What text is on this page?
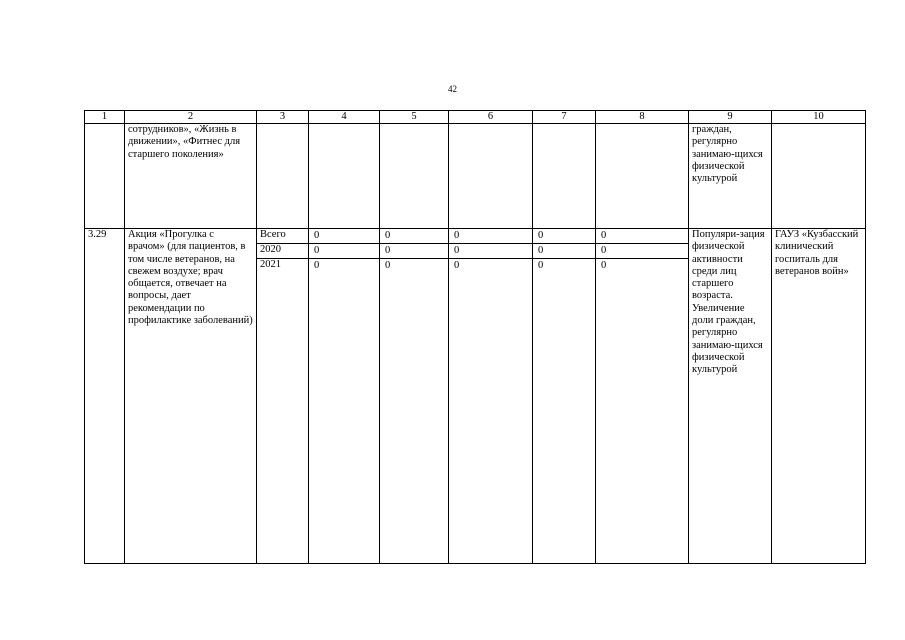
42
1	2	3	4	5	6	7	8	9	10
	сотрудников», «Жизнь в движении», «Фитнес для старшего поколения»							граждан, регулярно занимаю-щихся физической культурой	
3.29	Акция «Прогулка с врачом» (для пациентов, в том числе ветеранов, на свежем воздухе; врач общается, отвечает на вопросы, дает рекомендации по профилактике заболеваний)	Всего	0	0	0	0	0	Популяри-зация физической активности среди лиц старшего возраста. Увеличение доли граждан, регулярно занимаю-щихся физической культурой	ГАУЗ «Кузбасский клинический госпиталь для ветеранов войн»
		2020	0	0	0	0	0		
		2021	0	0	0	0	0		
